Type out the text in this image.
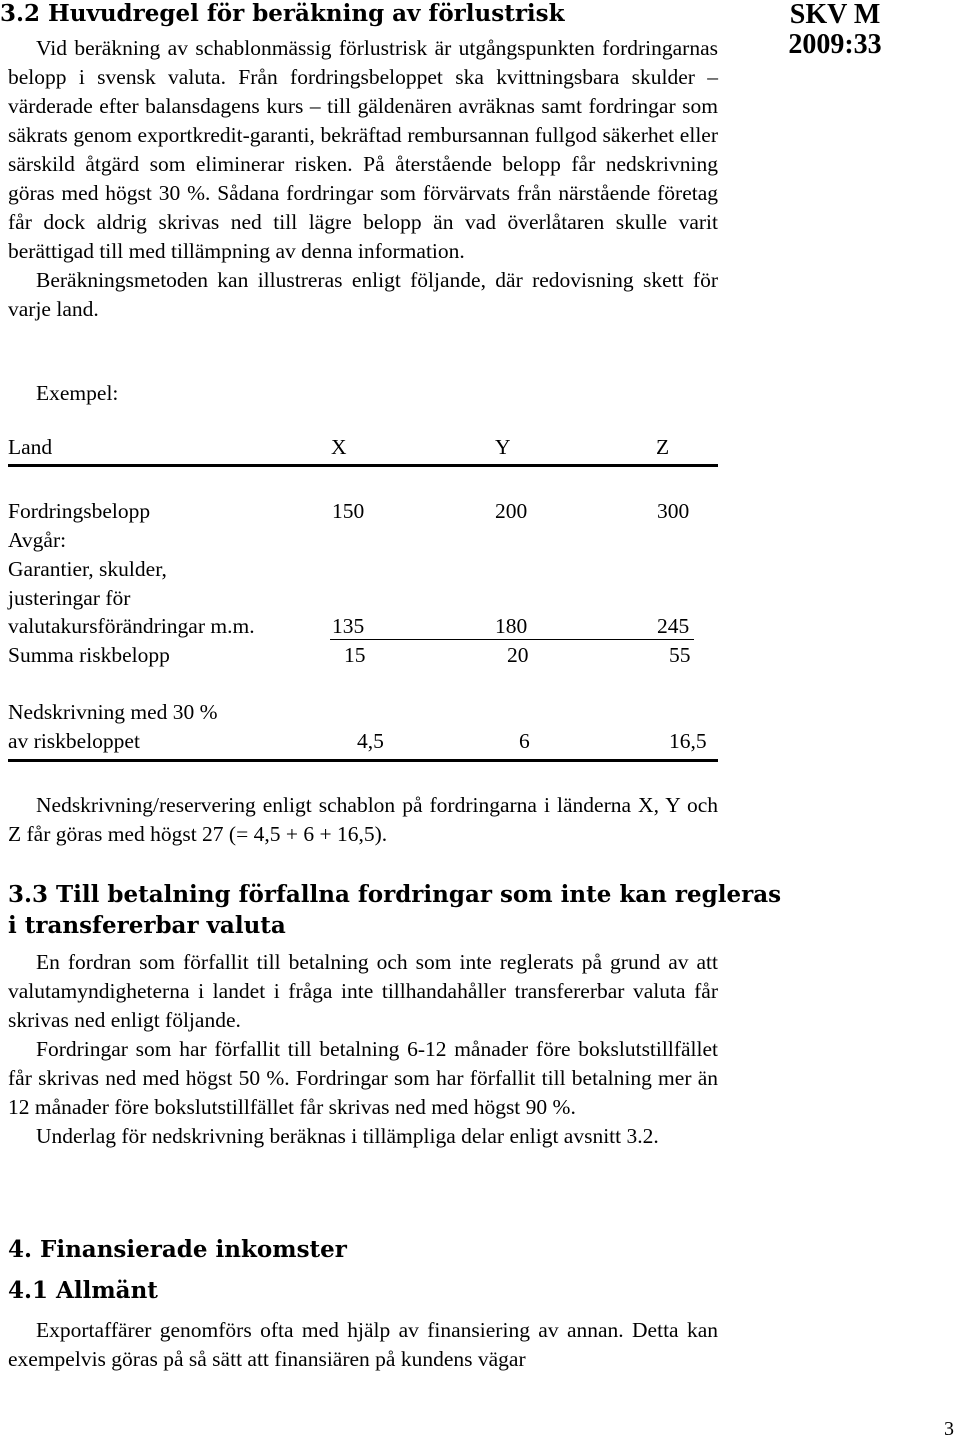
SKV M
2009:33
3.2 Huvudregel för beräkning av förlustrisk

Vid beräkning av schablonmässig förlustrisk är utgångspunkten fordringarnas belopp i svensk valuta. Från fordringsbeloppet ska kvittningsbara skulder – värderade efter balansdagens kurs – till gäldenären avräknas samt fordringar som säkrats genom exportkredit-garanti, bekräftad rembursannan fullgod säkerhet eller särskild åtgärd som eliminerar risken. På återstående belopp får nedskrivning göras med högst 30 %. Sådana fordringar som förvärvats från närstående företag får dock aldrig skrivas ned till lägre belopp än vad överlåtaren skulle varit berättigad till med tillämpning av denna information.

Beräkningsmetoden kan illustreras enligt följande, där redovisning skett för varje land.

Exempel:
Land	X	Y	Z
Fordringsbelopp	150	200	300
Avgår:
Garantier, skulder,
justeringar för
valutakursförändringar m.m.	135	180	245
Summa riskbelopp	15	20	55
Nedskrivning med 30 %
av riskbeloppet	4,5	6	16,5

Nedskrivning/reservering enligt schablon på fordringarna i länderna X, Y och Z får göras med högst 27 (= 4,5 + 6 + 16,5).

3.3 Till betalning förfallna fordringar som inte kan regleras
i transfererbar valuta

En fordran som förfallit till betalning och som inte reglerats på grund av att valutamyndigheterna i landet i fråga inte tillhandahåller transfererbar valuta får skrivas ned enligt följande.

Fordringar som har förfallit till betalning 6-12 månader före bokslutstillfället får skrivas ned med högst 50 %. Fordringar som har förfallit till betalning mer än 12 månader före bokslutstillfället får skrivas ned med högst 90 %.

Underlag för nedskrivning beräknas i tillämpliga delar enligt avsnitt 3.2.

4. Finansierade inkomster
4.1 Allmänt

Exportaffärer genomförs ofta med hjälp av finansiering av annan. Detta kan exempelvis göras på så sätt att finansiären på kundens vägar

3
